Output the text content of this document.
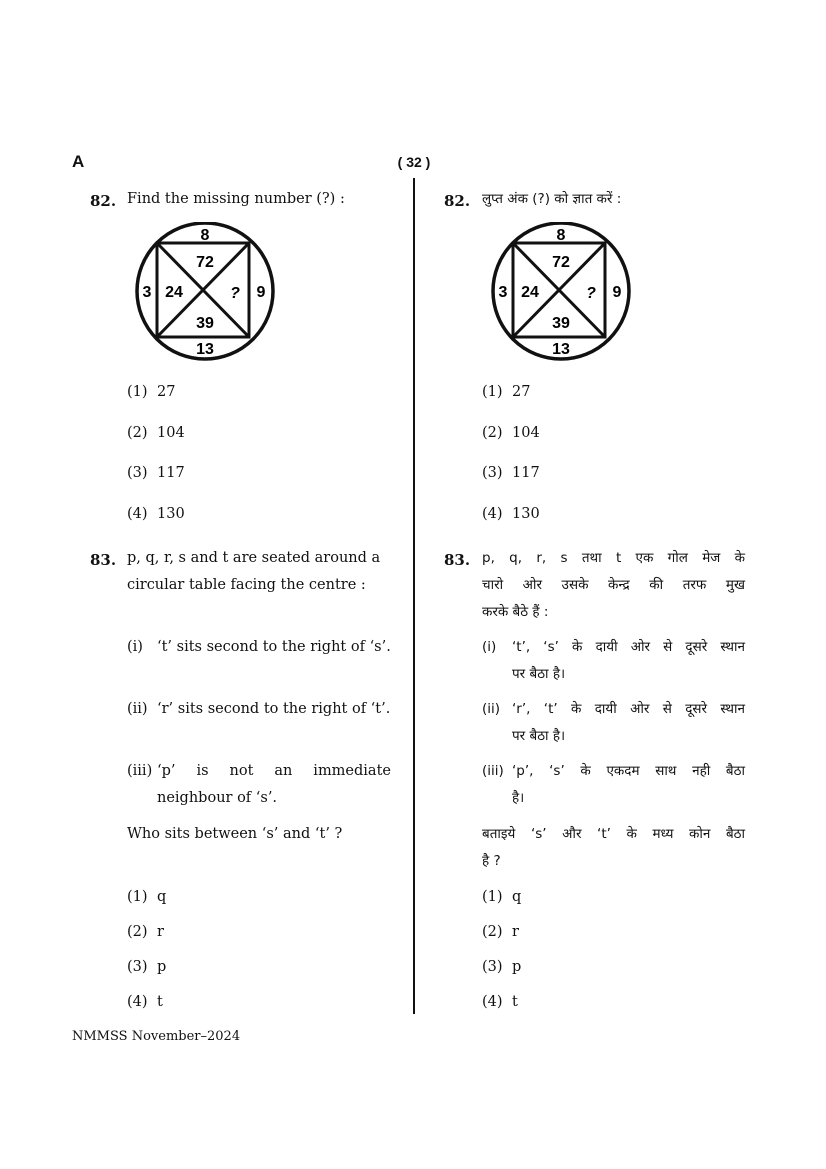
A	( 32 )
NMMSS November–2024
82. Find the missing number (?) :
8
13
3	9
72
39
24	?
(1) 27
(2) 104
(3) 117
(4) 130
83. p, q, r, s and t are seated around a
circular table facing the centre :
(i) ‘t’ sits second to the right of ‘s’.
(ii) ‘r’ sits second to the right of ‘t’.
(iii) ‘p’ is not an immediate
neighbour of ‘s’.
Who sits between ‘s’ and ‘t’ ?
(1) q
(2) r
(3) p
(4) t
82. लुप्त अंक (?) को ज्ञात करें :
8
13
3	9
72
39
24	?
(1) 27
(2) 104
(3) 117
(4) 130
83. p, q, r, s तथा t एक गोल मेज के
चारो ओर उसके केन्द्र की तरफ मुख
करके बैठे हैं :
(i) ‘t’, ‘s’ के दायी ओर से दूसरे स्थान
पर बैठा है।
(ii) ‘r’, ‘t’ के दायी ओर से दूसरे स्थान
पर बैठा है।
(iii) ‘p’, ‘s’ के एकदम साथ नही बैठा
है।
बताइये ‘s’ और ‘t’ के मध्य कोन बैठा
है ?
(1) q
(2) r
(3) p
(4) t
